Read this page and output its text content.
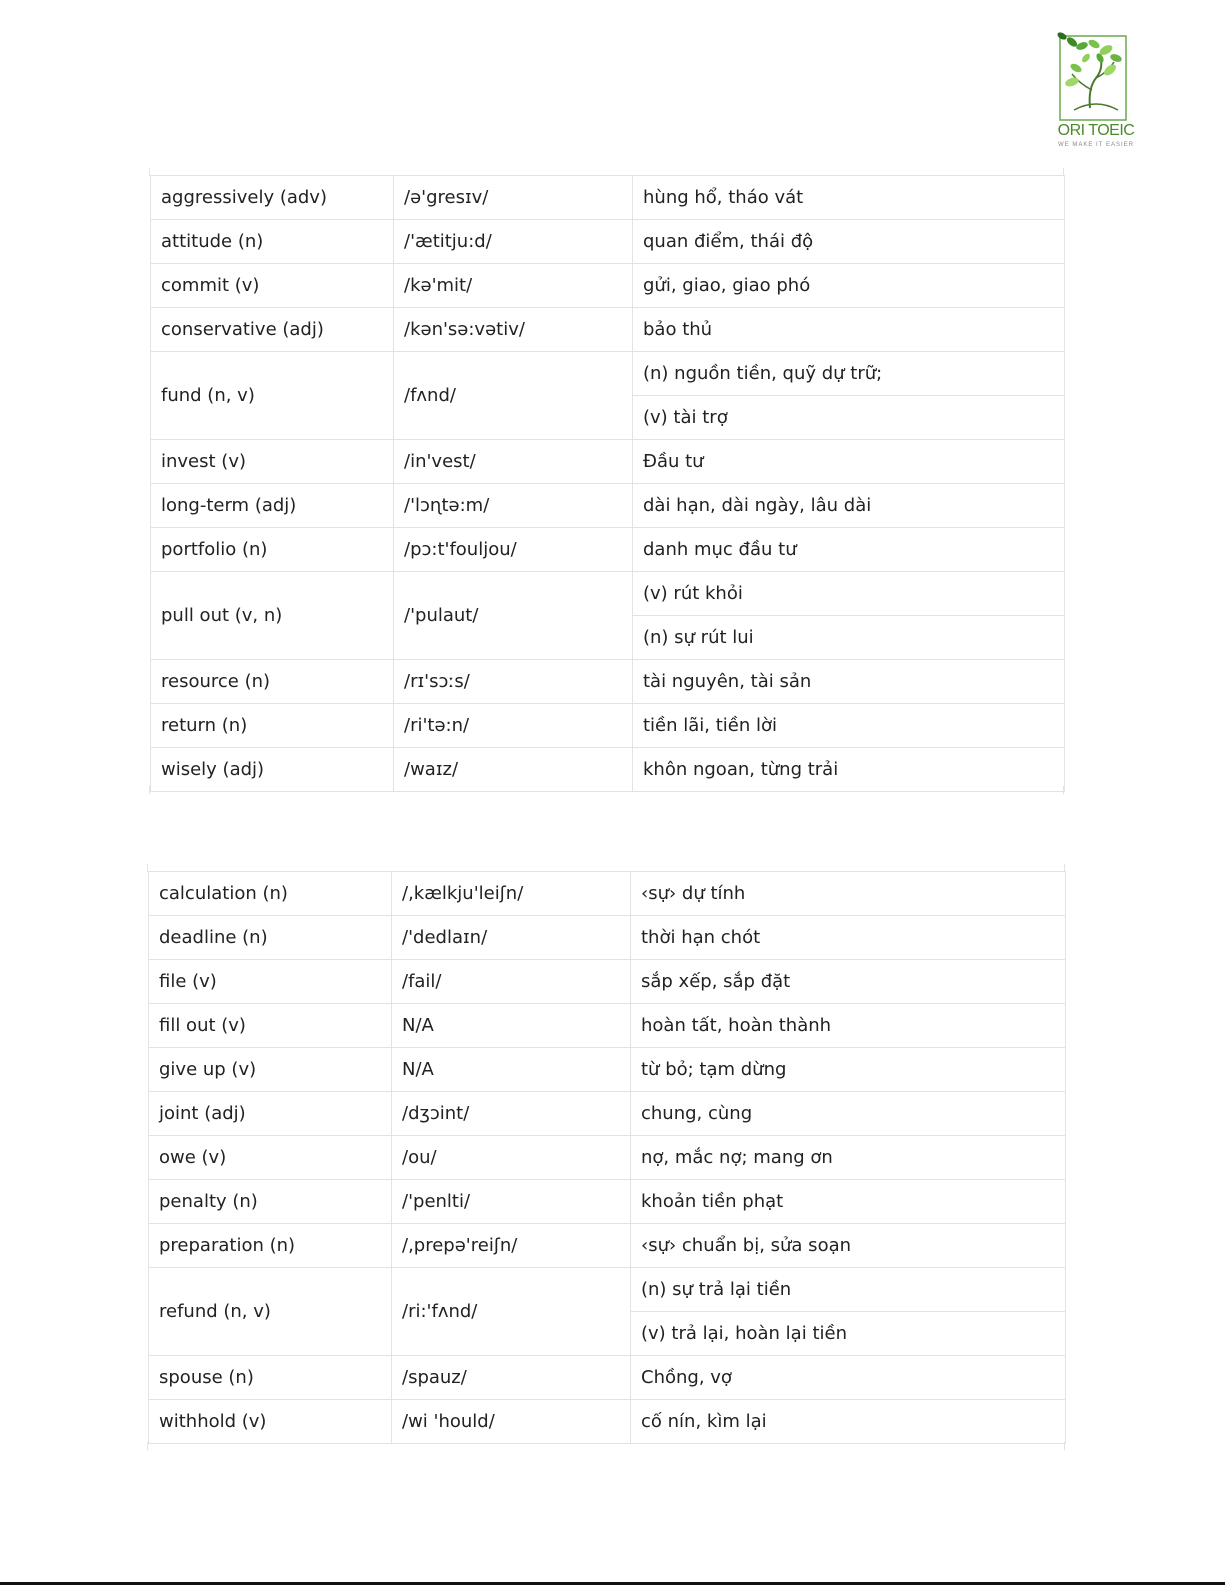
ORI TOEIC
WE MAKE IT EASIER
aggressively (adv)	/ə'gresɪv/	hùng hổ, tháo vát
attitude (n)	/'ætitju:d/	quan điểm, thái độ
commit (v)	/kə'mit/	gửi, giao, giao phó
conservative (adj)	/kən'sə:vətiv/	bảo thủ
fund (n, v)	/fʌnd/	(n) nguồn tiền, quỹ dự trữ;
		(v) tài trợ
invest (v)	/in'vest/	Đầu tư
long-term (adj)	/'lɔɳtə:m/	dài hạn, dài ngày, lâu dài
portfolio (n)	/pɔ:t'fouljou/	danh mục đầu tư
pull out (v, n)	/'pulaut/	(v) rút khỏi
		(n) sự rút lui
resource (n)	/rɪ'sɔːs/	tài nguyên, tài sản
return (n)	/ri'tə:n/	tiền lãi, tiền lời
wisely (adj)	/waɪz/	khôn ngoan, từng trải
calculation (n)	/,kælkju'leiʃn/	‹sự› dự tính
deadline (n)	/'dedlaɪn/	thời hạn chót
file (v)	/fail/	sắp xếp, sắp đặt
fill out (v)	N/A	hoàn tất, hoàn thành
give up (v)	N/A	từ bỏ; tạm dừng
joint (adj)	/dʒɔint/	chung, cùng
owe (v)	/ou/	nợ, mắc nợ; mang ơn
penalty (n)	/'penlti/	khoản tiền phạt
preparation (n)	/,prepə'reiʃn/	‹sự› chuẩn bị, sửa soạn
refund (n, v)	/ri:'fʌnd/	(n) sự trả lại tiền
		(v) trả lại, hoàn lại tiền
spouse (n)	/spauz/	Chồng, vợ
withhold (v)	/wi 'hould/	cố nín, kìm lại
